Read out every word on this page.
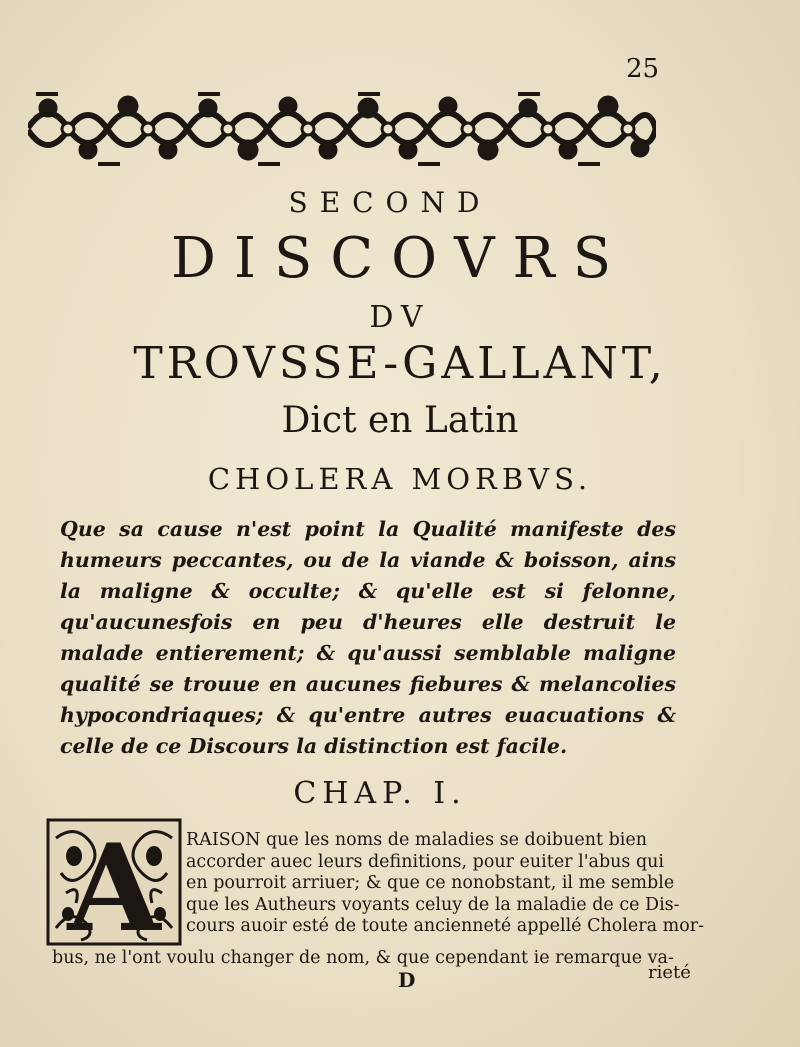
25
SECOND
DISCOVRS
DV
TROVSSE-GALLANT,
Dict en Latin
CHOLERA MORBVS.
Que sa cause n'est point la Qualité manifeste des humeurs peccantes, ou de la viande & boisson, ains la maligne & occulte; & qu'elle est si felonne, qu'aucunesfois en peu d'heures elle destruit le malade entierement; & qu'aussi semblable maligne qualité se trouue en aucunes fiebures & melancolies hypocondriaques; & qu'entre autres euacuations & celle de ce Discours la distinction est facile.
CHAP. I.
A RAISON que les noms de maladies se doibuent bien
accorder auec leurs definitions, pour euiter l'abus qui
en pourroit arriuer; & que ce nonobstant, il me semble
que les Autheurs voyants celuy de la maladie de ce Dis-
cours auoir esté de toute ancienneté appellé Cholera mor-
bus, ne l'ont voulu changer de nom, & que cependant ie remarque va-
D	rieté
